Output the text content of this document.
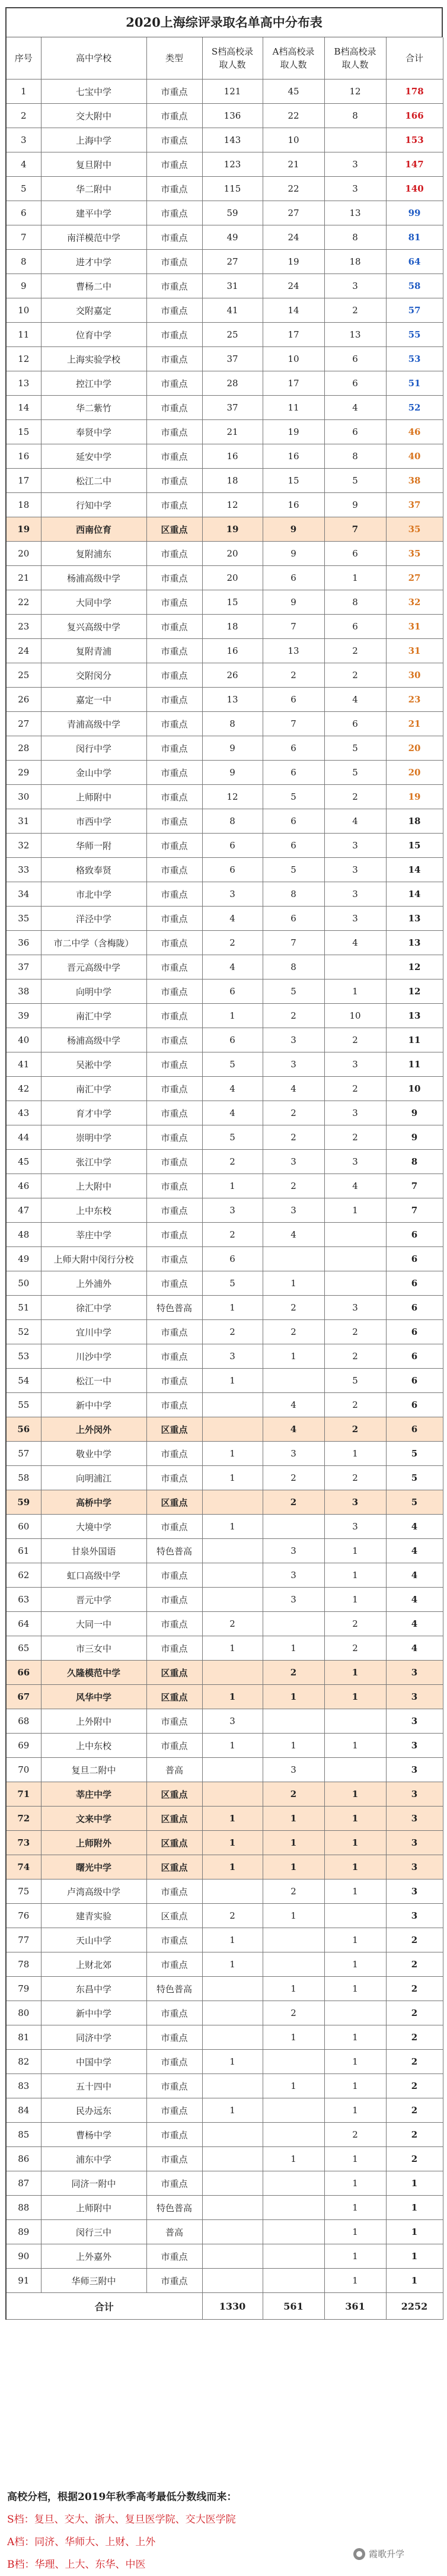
2020上海综评录取名单高中分布表
序号	高中学校	类型	S档高校录取人数	A档高校录取人数	B档高校录取人数	合计
1	七宝中学	市重点	121	45	12	178
2	交大附中	市重点	136	22	8	166
3	上海中学	市重点	143	10		153
4	复旦附中	市重点	123	21	3	147
5	华二附中	市重点	115	22	3	140
6	建平中学	市重点	59	27	13	99
7	南洋模范中学	市重点	49	24	8	81
8	进才中学	市重点	27	19	18	64
9	曹杨二中	市重点	31	24	3	58
10	交附嘉定	市重点	41	14	2	57
11	位育中学	市重点	25	17	13	55
12	上海实验学校	市重点	37	10	6	53
13	控江中学	市重点	28	17	6	51
14	华二紫竹	市重点	37	11	4	52
15	奉贤中学	市重点	21	19	6	46
16	延安中学	市重点	16	16	8	40
17	松江二中	市重点	18	15	5	38
18	行知中学	市重点	12	16	9	37
19	西南位育	区重点	19	9	7	35
20	复附浦东	市重点	20	9	6	35
21	杨浦高级中学	市重点	20	6	1	27
22	大同中学	市重点	15	9	8	32
23	复兴高级中学	市重点	18	7	6	31
24	复附青浦	市重点	16	13	2	31
25	交附闵分	市重点	26	2	2	30
26	嘉定一中	市重点	13	6	4	23
27	青浦高级中学	市重点	8	7	6	21
28	闵行中学	市重点	9	6	5	20
29	金山中学	市重点	9	6	5	20
30	上师附中	市重点	12	5	2	19
31	市西中学	市重点	8	6	4	18
32	华师一附	市重点	6	6	3	15
33	格致奉贤	市重点	6	5	3	14
34	市北中学	市重点	3	8	3	14
35	洋泾中学	市重点	4	6	3	13
36	市二中学（含梅陇）	市重点	2	7	4	13
37	晋元高级中学	市重点	4	8		12
38	向明中学	市重点	6	5	1	12
39	南汇中学	市重点	1	2	10	13
40	杨浦高级中学	市重点	6	3	2	11
41	吴淞中学	市重点	5	3	3	11
42	南汇中学	市重点	4	4	2	10
43	育才中学	市重点	4	2	3	9
44	崇明中学	市重点	5	2	2	9
45	张江中学	市重点	2	3	3	8
46	上大附中	市重点	1	2	4	7
47	上中东校	市重点	3	3	1	7
48	莘庄中学	市重点	2	4		6
49	上师大附中闵行分校	市重点	6			6
50	上外浦外	市重点	5	1		6
51	徐汇中学	特色普高	1	2	3	6
52	宜川中学	市重点	2	2	2	6
53	川沙中学	市重点	3	1	2	6
54	松江一中	市重点	1		5	6
55	新中中学	市重点		4	2	6
56	上外闵外	区重点		4	2	6
57	敬业中学	市重点	1	3	1	5
58	向明浦江	市重点	1	2	2	5
59	高桥中学	区重点		2	3	5
60	大境中学	市重点	1		3	4
61	甘泉外国语	特色普高		3	1	4
62	虹口高级中学	市重点		3	1	4
63	晋元中学	市重点		3	1	4
64	大同一中	市重点	2		2	4
65	市三女中	市重点	1	1	2	4
66	久隆模范中学	区重点		2	1	3
67	风华中学	区重点	1	1	1	3
68	上外附中	市重点	3			3
69	上中东校	市重点	1	1	1	3
70	复旦二附中	普高		3		3
71	莘庄中学	区重点		2	1	3
72	文来中学	区重点	1	1	1	3
73	上师附外	区重点	1	1	1	3
74	曙光中学	区重点	1	1	1	3
75	卢湾高级中学	市重点		2	1	3
76	建青实验	区重点	2	1		3
77	天山中学	市重点	1		1	2
78	上财北郊	市重点	1		1	2
79	东昌中学	特色普高		1	1	2
80	新中中学	市重点		2		2
81	同济中学	市重点		1	1	2
82	中国中学	市重点	1		1	2
83	五十四中	市重点		1	1	2
84	民办远东	市重点	1		1	2
85	曹杨中学	市重点			2	2
86	浦东中学	市重点		1	1	2
87	同济一附中	市重点			1	1
88	上师附中	特色普高			1	1
89	闵行三中	普高			1	1
90	上外嘉外	市重点			1	1
91	华师三附中	市重点			1	1
合计			1330	561	361	2252
高校分档，根据2019年秋季高考最低分数线而来：
S档：复旦、交大、浙大、复旦医学院、交大医学院
A档：同济、华师大、上财、上外
B档：华理、上大、东华、中医
霞歌升学
